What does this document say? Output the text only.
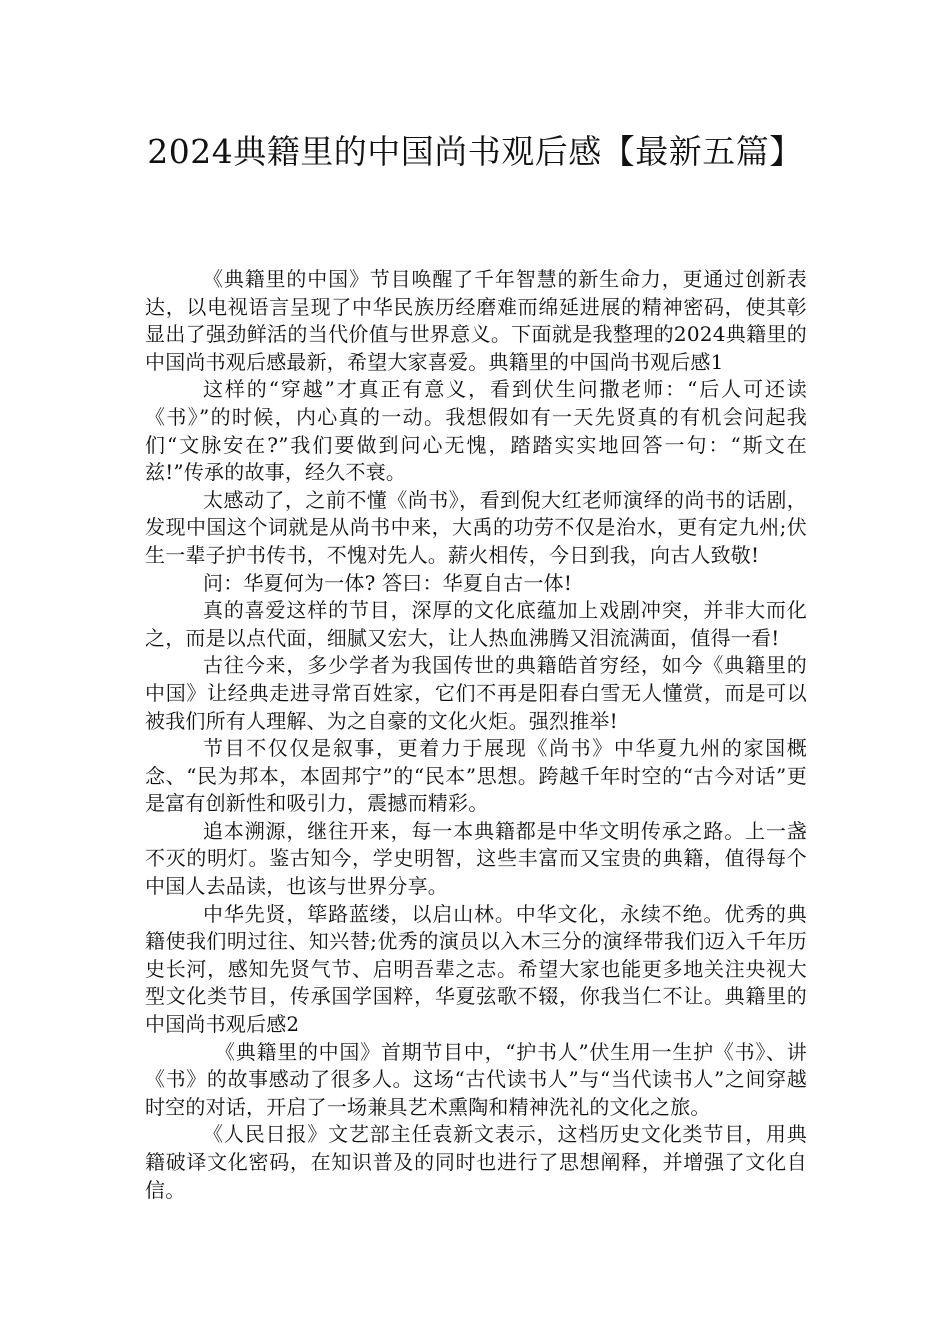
2024典籍里的中国尚书观后感【最新五篇】

《典籍里的中国》节目唤醒了千年智慧的新生命力，更通过创新表达，以电视语言呈现了中华民族历经磨难而绵延进展的精神密码，使其彰显出了强劲鲜活的当代价值与世界意义。下面就是我整理的2024典籍里的中国尚书观后感最新，希望大家喜爱。典籍里的中国尚书观后感1

这样的“穿越”才真正有意义，看到伏生问撒老师：“后人可还读《书》”的时候，内心真的一动。我想假如有一天先贤真的有机会问起我们“文脉安在?”我们要做到问心无愧，踏踏实实地回答一句：“斯文在兹!”传承的故事，经久不衰。

太感动了，之前不懂《尚书》，看到倪大红老师演绎的尚书的话剧，发现中国这个词就是从尚书中来，大禹的功劳不仅是治水，更有定九州;伏生一辈子护书传书，不愧对先人。薪火相传，今日到我，向古人致敬!

问：华夏何为一体? 答曰：华夏自古一体!

真的喜爱这样的节目，深厚的文化底蕴加上戏剧冲突，并非大而化之，而是以点代面，细腻又宏大，让人热血沸腾又泪流满面，值得一看!

古往今来，多少学者为我国传世的典籍皓首穷经，如今《典籍里的中国》让经典走进寻常百姓家，它们不再是阳春白雪无人懂赏，而是可以被我们所有人理解、为之自豪的文化火炬。强烈推举!

节目不仅仅是叙事，更着力于展现《尚书》中华夏九州的家国概念、“民为邦本，本固邦宁”的“民本”思想。跨越千年时空的“古今对话”更是富有创新性和吸引力，震撼而精彩。

追本溯源，继往开来，每一本典籍都是中华文明传承之路。上一盏不灭的明灯。鉴古知今，学史明智，这些丰富而又宝贵的典籍，值得每个中国人去品读，也该与世界分享。

中华先贤，筚路蓝缕，以启山林。中华文化，永续不绝。优秀的典籍使我们明过往、知兴替;优秀的演员以入木三分的演绎带我们迈入千年历史长河，感知先贤气节、启明吾辈之志。希望大家也能更多地关注央视大型文化类节目，传承国学国粹，华夏弦歌不辍，你我当仁不让。典籍里的中国尚书观后感2

《典籍里的中国》首期节目中，“护书人”伏生用一生护《书》、讲《书》的故事感动了很多人。这场“古代读书人”与“当代读书人”之间穿越时空的对话，开启了一场兼具艺术熏陶和精神洗礼的文化之旅。

《人民日报》文艺部主任袁新文表示，这档历史文化类节目，用典籍破译文化密码，在知识普及的同时也进行了思想阐释，并增强了文化自信。
